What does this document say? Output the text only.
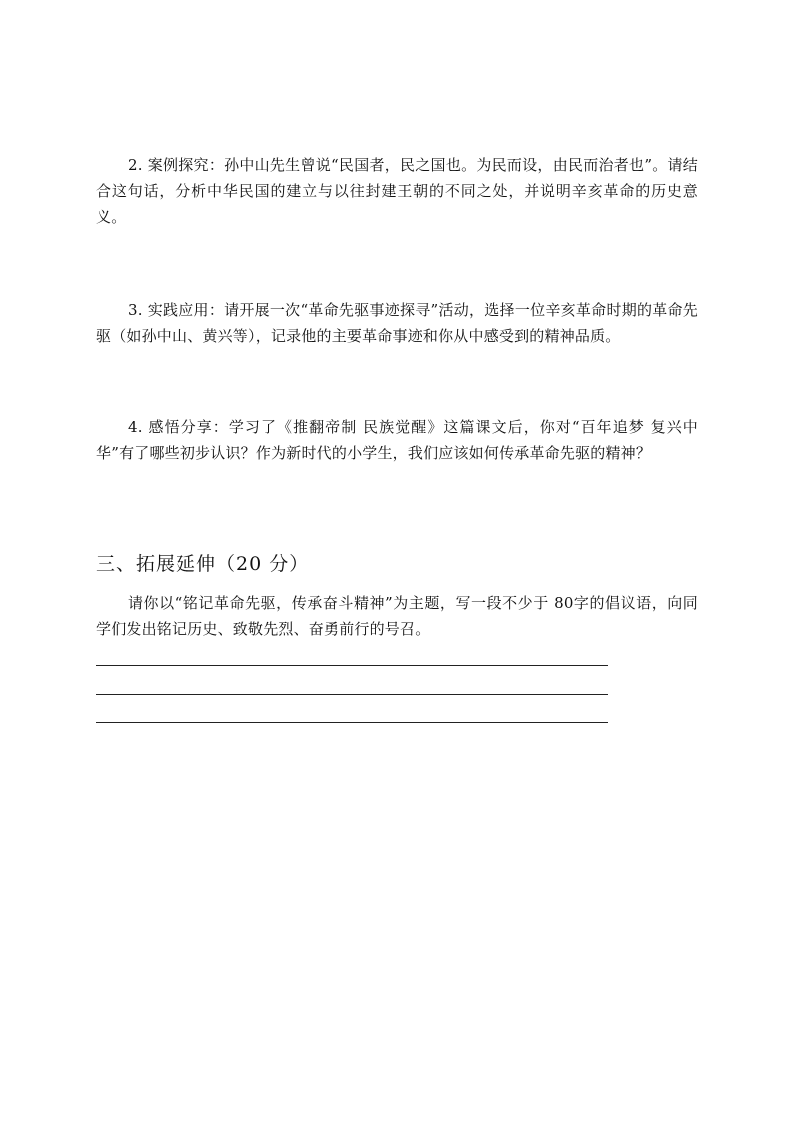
2. 案例探究：孙中山先生曾说“民国者，民之国也。为民而设，由民而治者也”。请结合这句话，分析中华民国的建立与以往封建王朝的不同之处，并说明辛亥革命的历史意义。

3. 实践应用：请开展一次“革命先驱事迹探寻”活动，选择一位辛亥革命时期的革命先驱（如孙中山、黄兴等），记录他的主要革命事迹和你从中感受到的精神品质。

4. 感悟分享：学习了《推翻帝制 民族觉醒》这篇课文后，你对“百年追梦 复兴中华”有了哪些初步认识？作为新时代的小学生，我们应该如何传承革命先驱的精神？

三、拓展延伸（20 分）

请你以“铭记革命先驱，传承奋斗精神”为主题，写一段不少于 80字的倡议语，向同学们发出铭记历史、致敬先烈、奋勇前行的号召。
